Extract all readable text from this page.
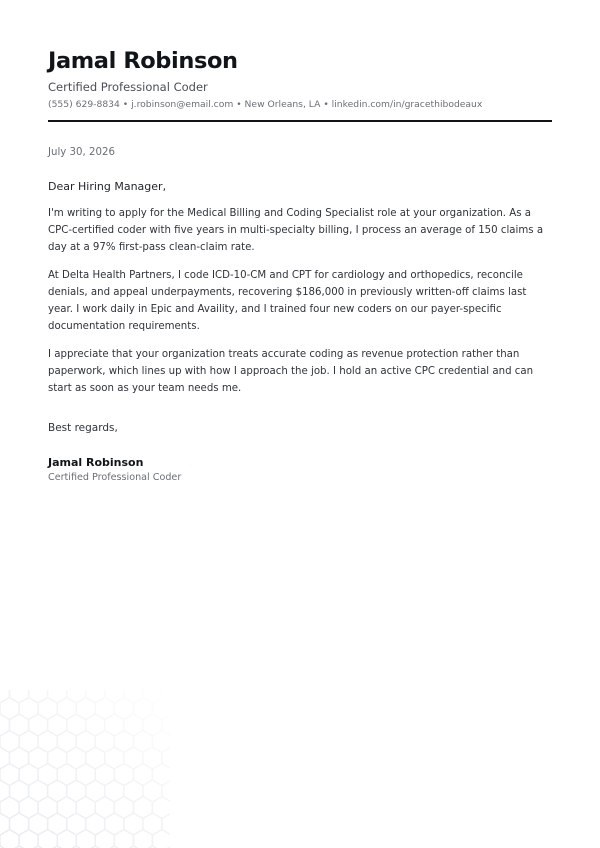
Jamal Robinson
Certified Professional Coder
(555) 629-8834 • j.robinson@email.com • New Orleans, LA • linkedin.com/in/gracethibodeaux
July 30, 2026
Dear Hiring Manager,

I'm writing to apply for the Medical Billing and Coding Specialist role at your organization. As a CPC-certified coder with five years in multi-specialty billing, I process an average of 150 claims a day at a 97% first-pass clean-claim rate.

At Delta Health Partners, I code ICD-10-CM and CPT for cardiology and orthopedics, reconcile denials, and appeal underpayments, recovering $186,000 in previously written-off claims last year. I work daily in Epic and Availity, and I trained four new coders on our payer-specific documentation requirements.

I appreciate that your organization treats accurate coding as revenue protection rather than paperwork, which lines up with how I approach the job. I hold an active CPC credential and can start as soon as your team needs me.

Best regards,
Jamal Robinson
Certified Professional Coder
